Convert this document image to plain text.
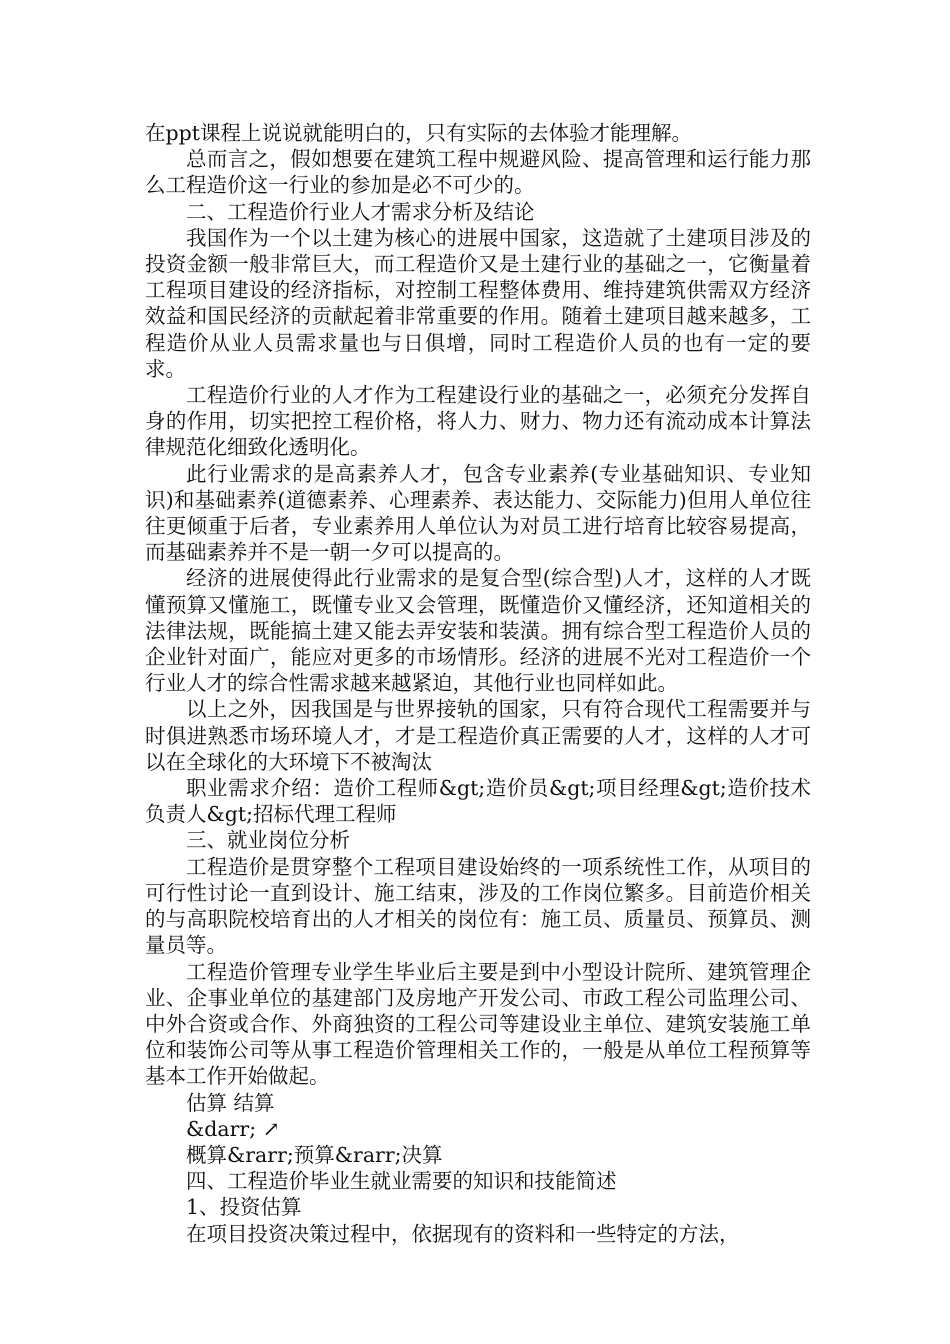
在ppt课程上说说就能明白的，只有实际的去体验才能理解。

总而言之，假如想要在建筑工程中规避风险、提高管理和运行能力那么工程造价这一行业的参加是必不可少的。

二、工程造价行业人才需求分析及结论

我国作为一个以土建为核心的进展中国家，这造就了土建项目涉及的投资金额一般非常巨大，而工程造价又是土建行业的基础之一，它衡量着工程项目建设的经济指标，对控制工程整体费用、维持建筑供需双方经济效益和国民经济的贡献起着非常重要的作用。随着土建项目越来越多，工程造价从业人员需求量也与日俱增，同时工程造价人员的也有一定的要求。

工程造价行业的人才作为工程建设行业的基础之一，必须充分发挥自身的作用，切实把控工程价格，将人力、财力、物力还有流动成本计算法律规范化细致化透明化。

此行业需求的是高素养人才，包含专业素养(专业基础知识、专业知识)和基础素养(道德素养、心理素养、表达能力、交际能力)但用人单位往往更倾重于后者，专业素养用人单位认为对员工进行培育比较容易提高，而基础素养并不是一朝一夕可以提高的。

经济的进展使得此行业需求的是复合型(综合型)人才，这样的人才既懂预算又懂施工，既懂专业又会管理，既懂造价又懂经济，还知道相关的法律法规，既能搞土建又能去弄安装和装潢。拥有综合型工程造价人员的企业针对面广，能应对更多的市场情形。经济的进展不光对工程造价一个行业人才的综合性需求越来越紧迫，其他行业也同样如此。

以上之外，因我国是与世界接轨的国家，只有符合现代工程需要并与时俱进熟悉市场环境人才，才是工程造价真正需要的人才，这样的人才可以在全球化的大环境下不被淘汰

职业需求介绍：造价工程师&gt;造价员&gt;项目经理&gt;造价技术负责人&gt;招标代理工程师

三、就业岗位分析

工程造价是贯穿整个工程项目建设始终的一项系统性工作，从项目的可行性讨论一直到设计、施工结束，涉及的工作岗位繁多。目前造价相关的与高职院校培育出的人才相关的岗位有：施工员、质量员、预算员、测量员等。

工程造价管理专业学生毕业后主要是到中小型设计院所、建筑管理企业、企事业单位的基建部门及房地产开发公司、市政工程公司监理公司、中外合资或合作、外商独资的工程公司等建设业主单位、建筑安装施工单位和装饰公司等从事工程造价管理相关工作的，一般是从单位工程预算等基本工作开始做起。

估算 结算

&darr; ↗

概算&rarr;预算&rarr;决算

四、工程造价毕业生就业需要的知识和技能简述

1、投资估算

在项目投资决策过程中，依据现有的资料和一些特定的方法，
